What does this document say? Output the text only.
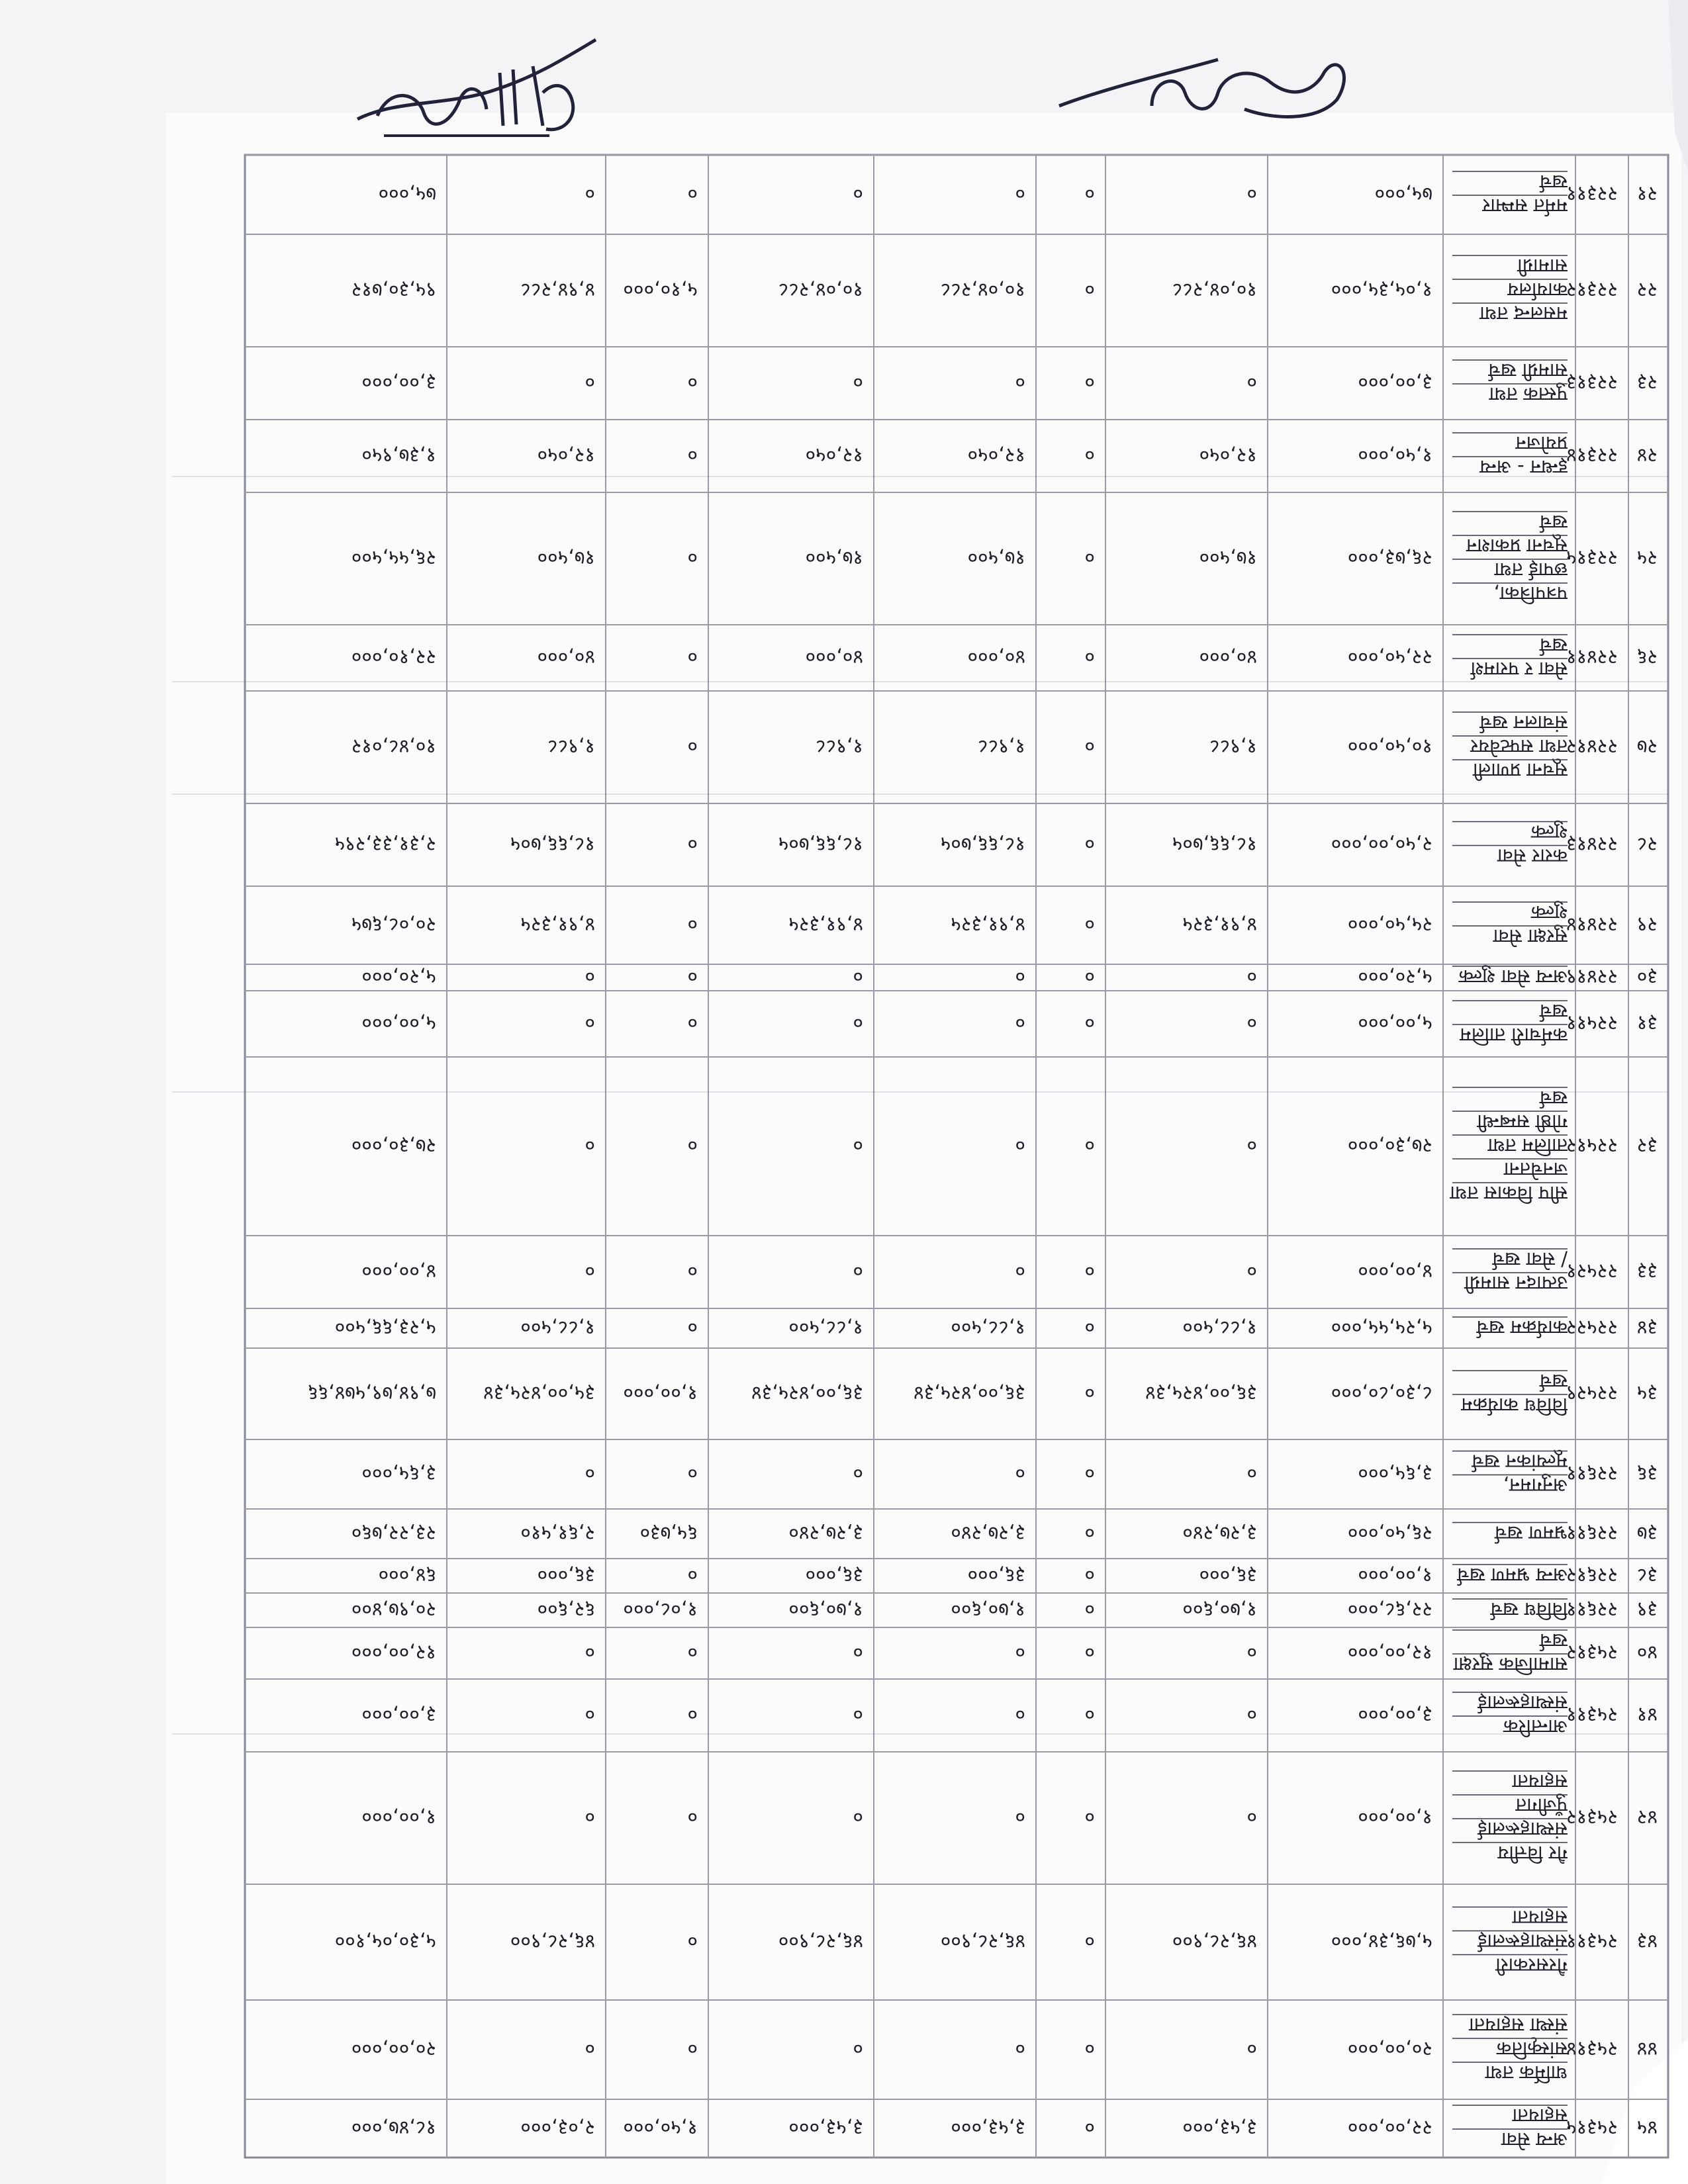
४५
२५३१५
अन्य सेवा
सहायता
२२,००,०००
३,५३,०००
०
३,५३,०००
३,५३,०००
१,५०,०००
२,०३,०००
१८,४७,०००
४४
२५३१४
धार्मिक तथा
सांस्कृतिक
संस्था सहायता
२०,००,०००
०
०
०
०
०
०
२०,००,०००
४३
२५३११
गैरसरकारी
संस्थाहरूलाई
सहायता
५,७६,३४,०००
४६,२८,९००
०
४६,२८,९००
४६,२८,९००
०
४६,२८,९००
५,३०,०५,१००
४२
२५३१२
गैर वित्तीय
संस्थाहरूलाई
पुँजीगत
सहायता
१,००,०००
०
०
०
०
०
०
१,००,०००
४१
२५३११
आन्तरिक
संस्थाहरूलाई
३,००,०००
०
०
०
०
०
०
३,००,०००
४०
२५३१२
सामाजिक सुरक्षा
खर्च
१२,००,०००
०
०
०
०
०
०
१२,००,०००
३९
२२६११
विविध खर्च
२२,६८,०००
१,७०,६००
०
१,७०,६००
१,७०,६००
१,०८,०००
६२,६००
२०,९७,४००
३८
२२६१२
अन्य भ्रमण खर्च
१,००,०००
३६,०००
०
३६,०००
३६,०००
०
३६,०००
६४,०००
३७
२२६११
भ्रमण खर्च
२६,५०,०००
३,२७,२४०
०
३,२७,२४०
३,२७,२४०
६५,७३०
२,६१,५१०
२३,२२,७६०
३६
२२६११
अनुगमन,
मूल्यांकन खर्च
३,६५,०००
०
०
०
०
०
०
३,६५,०००
३५
२२५२९
विविध कार्यक्रम
खर्च
८,३०,८०,०००
३६,००,४२५,३४
०
३६,००,४२५,३४
३६,००,४२५,३४
१,००,०००
३५,००,४२५,३४
७,९४,७९,५७४,६६
३४
२२५२२
कार्यक्रम खर्च
५,२५,५५,०००
१,८८,५००
०
१,८८,५००
१,८८,५००
०
१,८८,५००
५,२३,६६,५००
३३
२२५२१
उत्पादन सामग्री
/ सेवा खर्च
४,००,०००
०
०
०
०
०
०
४,००,०००
३२
२२५१२
सीप विकास तथा
जनचेतना
तालिम तथा
गोष्ठी सम्बन्धी
खर्च
२७,३०,०००
०
०
०
०
०
०
२७,३०,०००
३१
२२५११
कर्मचारी तालिम
खर्च
५,००,०००
०
०
०
०
०
०
५,००,०००
३०
२२४१९
अन्य सेवा शुल्क
५,२०,०००
०
०
०
०
०
०
५,२०,०००
२९
२२४१४
सुरक्षा सेवा
शुल्क
२५,५०,०००
४,९१,३२५
०
४,९१,३२५
४,९१,३२५
०
४,९१,३२५
२०,०८,६७५
२८
२२४१३
करार सेवा
शुल्क
२,५०,००,०००
१८,६६,७०५
०
१८,६६,७०५
१८,६६,७०५
०
१८,६६,७०५
२,३१,३३,२९५
२७
२२४१२
सूचना प्रणाली
तथा सफ्टवेयर
संचालन खर्च
१०,५०,०००
१,९८८
०
१,९८८
१,९८८
०
१,९८८
१०,४८,०१२
२६
२२४११
सेवा र परामर्श
खर्च
२२,५०,०००
४०,०००
०
४०,०००
४०,०००
०
४०,०००
२२,१०,०००
२५
२२३१५
पत्रपत्रिका,
छपाई तथा
सूचना प्रकाशन
खर्च
२६,७३,०००
१७,५००
०
१७,५००
१७,५००
०
१७,५००
२६,५५,५००
२४
२२३१४
इन्धन - अन्य
प्रयोजन
१,५०,०००
१२,०५०
०
१२,०५०
१२,०५०
०
१२,०५०
१,३७,९५०
२३
२२३१३
पुस्तक तथा
सामग्री खर्च
३,००,०००
०
०
०
०
०
०
३,००,०००
२२
२२३१२
मसलन्द तथा
कार्यालय
सामाग्री
१,०५,३५,०००
१०,०४,२८८
०
१०,०४,२८८
१०,०४,२८८
५,१०,०००
४,९४,२८८
९५,३०,७१२
२१
२२३११
मर्मत सम्भार
खर्च
७५,०००
०
०
०
०
०
०
७५,०००
